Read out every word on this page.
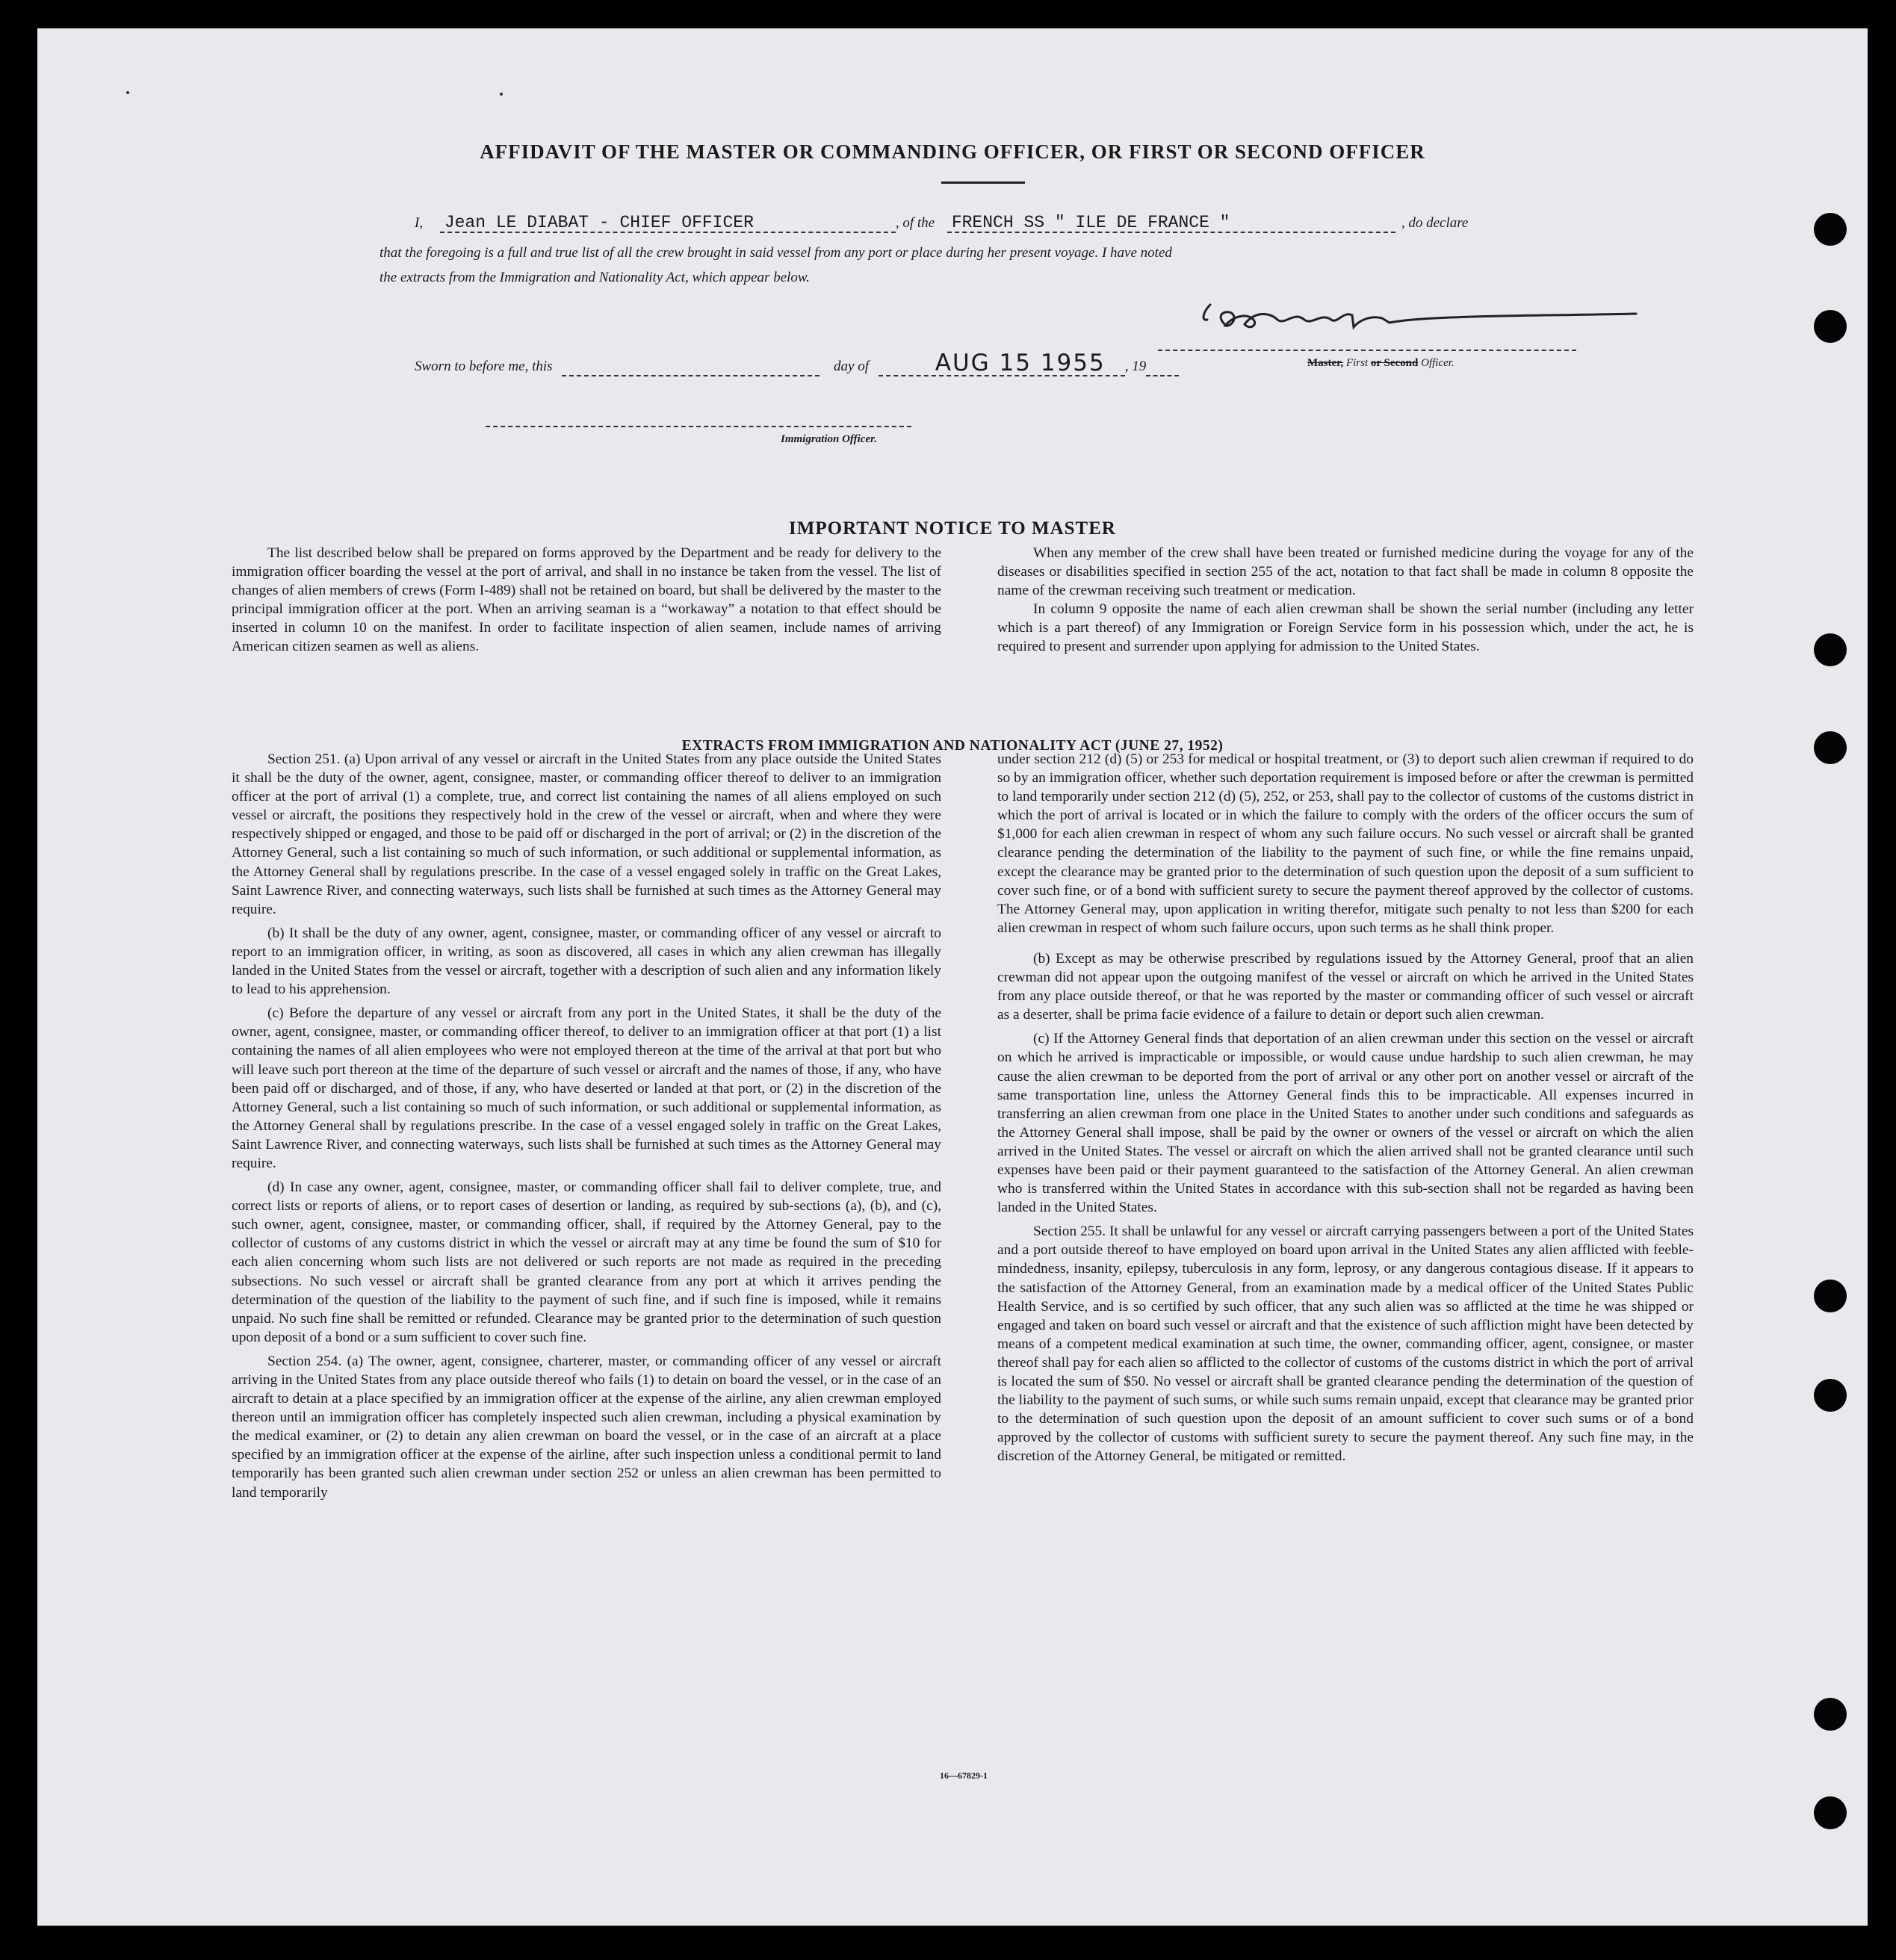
AFFIDAVIT OF THE MASTER OR COMMANDING OFFICER, OR FIRST OR SECOND OFFICER
I, Jean LE DIABAT - CHIEF OFFICER	, of the FRENCH SS " ILE DE FRANCE "	, do declare
that the foregoing is a full and true list of all the crew brought in said vessel from any port or place during her present voyage. I have noted
the extracts from the Immigration and Nationality Act, which appear below.
Master, First or Second Officer.
Sworn to before me, this	day of	AUG 15 1955 , 19
Immigration Officer.
IMPORTANT NOTICE TO MASTER

The list described below shall be prepared on forms approved by the Department and be ready for delivery to the immigration officer boarding the vessel at the port of arrival, and shall in no instance be taken from the vessel. The list of changes of alien members of crews (Form I-489) shall not be retained on board, but shall be delivered by the master to the principal immigration officer at the port. When an arriving seaman is a “workaway” a notation to that effect should be inserted in column 10 on the manifest. In order to facilitate inspection of alien seamen, include names of arriving American citizen seamen as well as aliens.

When any member of the crew shall have been treated or furnished medicine during the voyage for any of the diseases or disabilities specified in section 255 of the act, notation to that fact shall be made in column 8 opposite the name of the crewman receiving such treatment or medication.

In column 9 opposite the name of each alien crewman shall be shown the serial number (including any letter which is a part thereof) of any Immigration or Foreign Service form in his possession which, under the act, he is required to present and surrender upon applying for admission to the United States.

EXTRACTS FROM IMMIGRATION AND NATIONALITY ACT (JUNE 27, 1952)

Section 251. (a) Upon arrival of any vessel or aircraft in the United States from any place outside the United States it shall be the duty of the owner, agent, consignee, master, or commanding officer thereof to deliver to an immigration officer at the port of arrival (1) a complete, true, and correct list containing the names of all aliens employed on such vessel or aircraft, the positions they respectively hold in the crew of the vessel or aircraft, when and where they were respectively shipped or engaged, and those to be paid off or discharged in the port of arrival; or (2) in the discretion of the Attorney General, such a list containing so much of such information, or such additional or supplemental information, as the Attorney General shall by regulations prescribe. In the case of a vessel engaged solely in traffic on the Great Lakes, Saint Lawrence River, and connecting waterways, such lists shall be furnished at such times as the Attorney General may require.

(b) It shall be the duty of any owner, agent, consignee, master, or commanding officer of any vessel or aircraft to report to an immigration officer, in writing, as soon as discovered, all cases in which any alien crewman has illegally landed in the United States from the vessel or aircraft, together with a description of such alien and any information likely to lead to his apprehension.

(c) Before the departure of any vessel or aircraft from any port in the United States, it shall be the duty of the owner, agent, consignee, master, or commanding officer thereof, to deliver to an immigration officer at that port (1) a list containing the names of all alien employees who were not employed thereon at the time of the arrival at that port but who will leave such port thereon at the time of the departure of such vessel or aircraft and the names of those, if any, who have been paid off or discharged, and of those, if any, who have deserted or landed at that port, or (2) in the discretion of the Attorney General, such a list containing so much of such information, or such additional or supplemental information, as the Attorney General shall by regulations prescribe. In the case of a vessel engaged solely in traffic on the Great Lakes, Saint Lawrence River, and connecting waterways, such lists shall be furnished at such times as the Attorney General may require.

(d) In case any owner, agent, consignee, master, or commanding officer shall fail to deliver complete, true, and correct lists or reports of aliens, or to report cases of desertion or landing, as required by sub-sections (a), (b), and (c), such owner, agent, consignee, master, or commanding officer, shall, if required by the Attorney General, pay to the collector of customs of any customs district in which the vessel or aircraft may at any time be found the sum of $10 for each alien concerning whom such lists are not delivered or such reports are not made as required in the preceding subsections. No such vessel or aircraft shall be granted clearance from any port at which it arrives pending the determination of the question of the liability to the payment of such fine, and if such fine is imposed, while it remains unpaid. No such fine shall be remitted or refunded. Clearance may be granted prior to the determination of such question upon deposit of a bond or a sum sufficient to cover such fine.

Section 254. (a) The owner, agent, consignee, charterer, master, or commanding officer of any vessel or aircraft arriving in the United States from any place outside thereof who fails (1) to detain on board the vessel, or in the case of an aircraft to detain at a place specified by an immigration officer at the expense of the airline, any alien crewman employed thereon until an immigration officer has completely inspected such alien crewman, including a physical examination by the medical examiner, or (2) to detain any alien crewman on board the vessel, or in the case of an aircraft at a place specified by an immigration officer at the expense of the airline, after such inspection unless a conditional permit to land temporarily has been granted such alien crewman under section 252 or unless an alien crewman has been permitted to land temporarily

under section 212 (d) (5) or 253 for medical or hospital treatment, or (3) to deport such alien crewman if required to do so by an immigration officer, whether such deportation requirement is imposed before or after the crewman is permitted to land temporarily under section 212 (d) (5), 252, or 253, shall pay to the collector of customs of the customs district in which the port of arrival is located or in which the failure to comply with the orders of the officer occurs the sum of $1,000 for each alien crewman in respect of whom any such failure occurs. No such vessel or aircraft shall be granted clearance pending the determination of the liability to the payment of such fine, or while the fine remains unpaid, except the clearance may be granted prior to the determination of such question upon the deposit of a sum sufficient to cover such fine, or of a bond with sufficient surety to secure the payment thereof approved by the collector of customs. The Attorney General may, upon application in writing therefor, mitigate such penalty to not less than $200 for each alien crewman in respect of whom such failure occurs, upon such terms as he shall think proper.

(b) Except as may be otherwise prescribed by regulations issued by the Attorney General, proof that an alien crewman did not appear upon the outgoing manifest of the vessel or aircraft on which he arrived in the United States from any place outside thereof, or that he was reported by the master or commanding officer of such vessel or aircraft as a deserter, shall be prima facie evidence of a failure to detain or deport such alien crewman.

(c) If the Attorney General finds that deportation of an alien crewman under this section on the vessel or aircraft on which he arrived is impracticable or impossible, or would cause undue hardship to such alien crewman, he may cause the alien crewman to be deported from the port of arrival or any other port on another vessel or aircraft of the same transportation line, unless the Attorney General finds this to be impracticable. All expenses incurred in transferring an alien crewman from one place in the United States to another under such conditions and safeguards as the Attorney General shall impose, shall be paid by the owner or owners of the vessel or aircraft on which the alien arrived in the United States. The vessel or aircraft on which the alien arrived shall not be granted clearance until such expenses have been paid or their payment guaranteed to the satisfaction of the Attorney General. An alien crewman who is transferred within the United States in accordance with this sub-section shall not be regarded as having been landed in the United States.

Section 255. It shall be unlawful for any vessel or aircraft carrying passengers between a port of the United States and a port outside thereof to have employed on board upon arrival in the United States any alien afflicted with feeble-mindedness, insanity, epilepsy, tuberculosis in any form, leprosy, or any dangerous contagious disease. If it appears to the satisfaction of the Attorney General, from an examination made by a medical officer of the United States Public Health Service, and is so certified by such officer, that any such alien was so afflicted at the time he was shipped or engaged and taken on board such vessel or aircraft and that the existence of such affliction might have been detected by means of a competent medical examination at such time, the owner, commanding officer, agent, consignee, or master thereof shall pay for each alien so afflicted to the collector of customs of the customs district in which the port of arrival is located the sum of $50. No vessel or aircraft shall be granted clearance pending the determination of the question of the liability to the payment of such sums, or while such sums remain unpaid, except that clearance may be granted prior to the determination of such question upon the deposit of an amount sufficient to cover such sums or of a bond approved by the collector of customs with sufficient surety to secure the payment thereof. Any such fine may, in the discretion of the Attorney General, be mitigated or remitted.

16—67829-1
